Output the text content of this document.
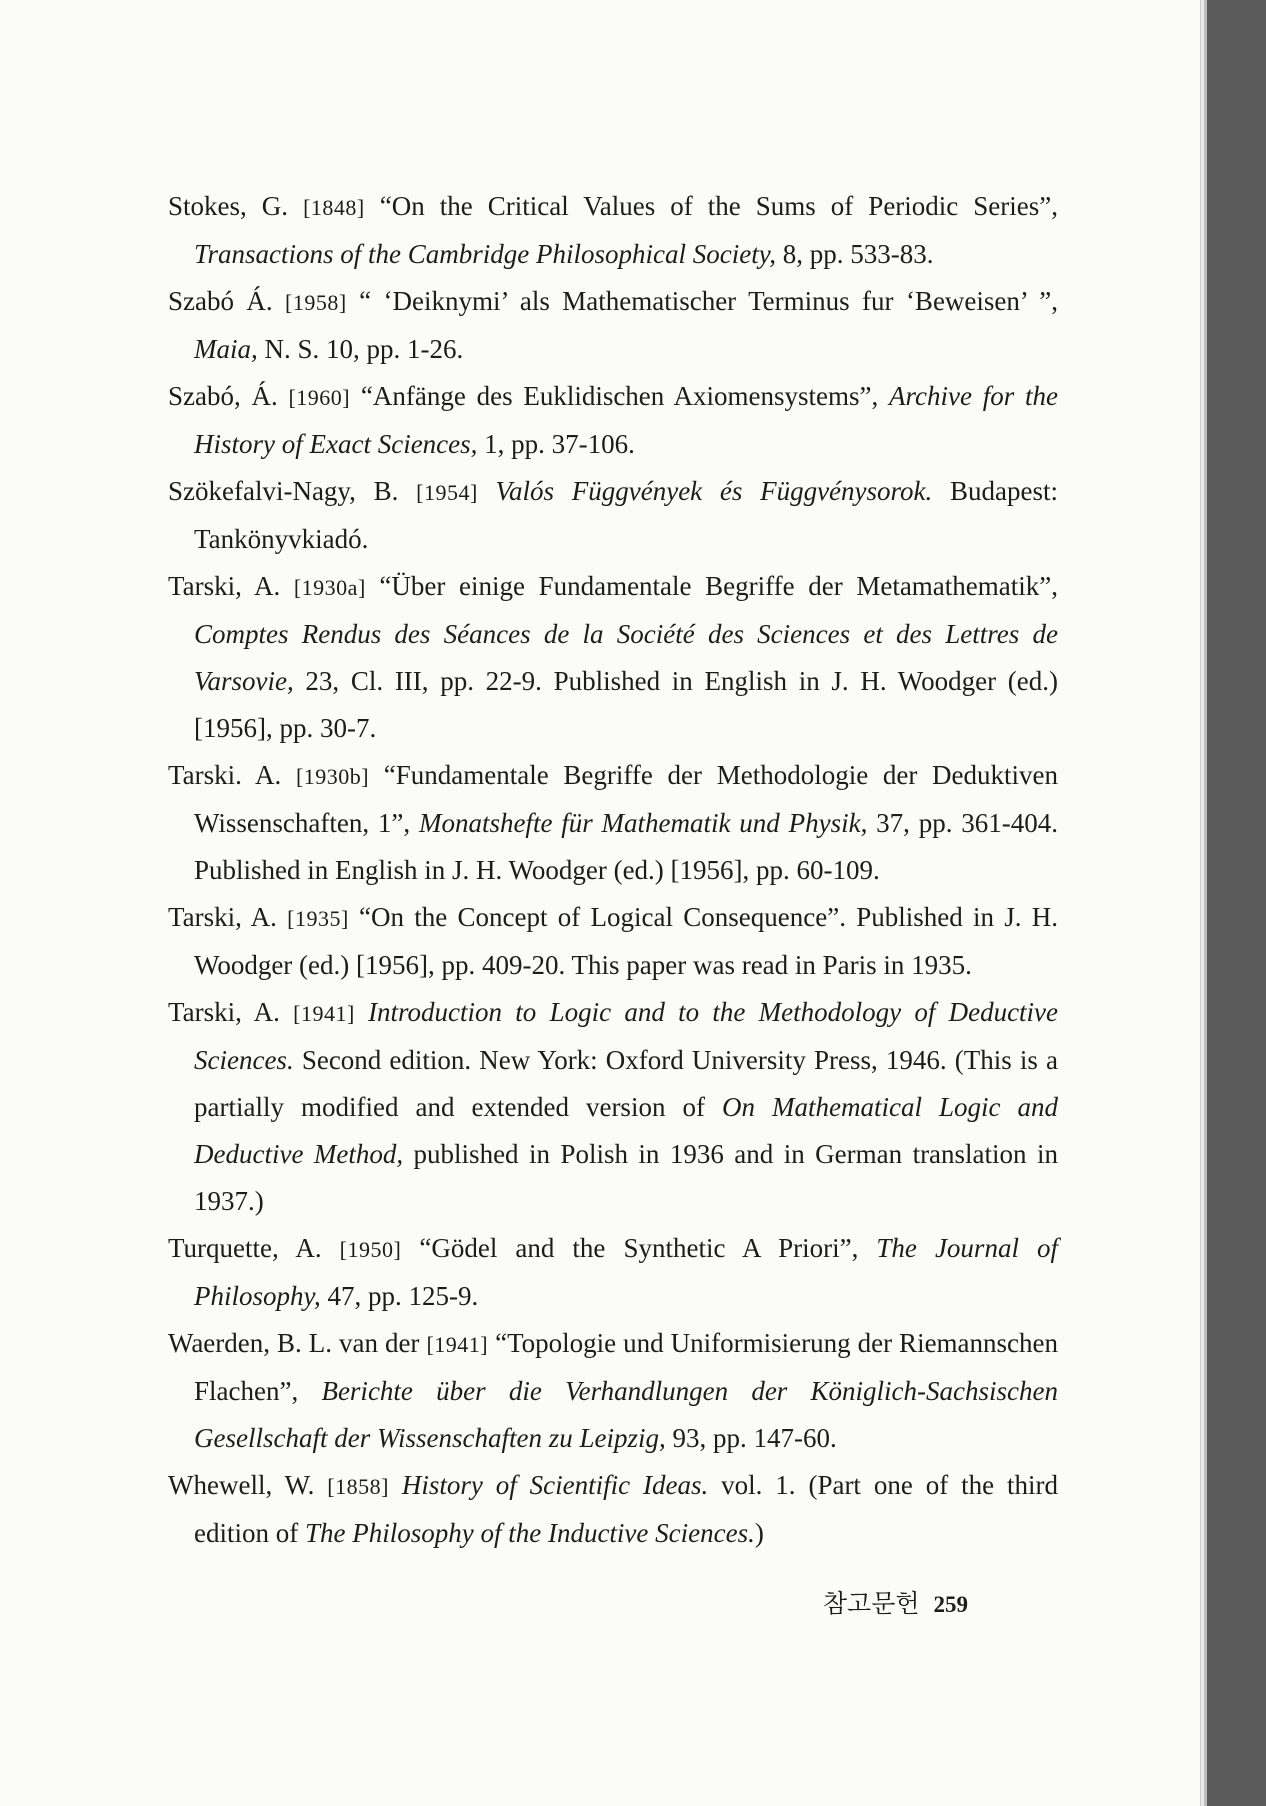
Stokes, G. [1848] “On the Critical Values of the Sums of Periodic Series”, Transactions of the Cambridge Philosophical Society, 8, pp. 533-83.
Szabó Á. [1958] “ ‘Deiknymi’ als Mathematischer Terminus fur ‘Beweisen’ ”, Maia, N. S. 10, pp. 1-26.
Szabó, Á. [1960] “Anfänge des Euklidischen Axiomensystems”, Archive for the History of Exact Sciences, 1, pp. 37-106.
Szökefalvi-Nagy, B. [1954] Valós Függvények és Függvénysorok. Budapest: Tankönyvkiadó.
Tarski, A. [1930a] “Über einige Fundamentale Begriffe der Metamathematik”, Comptes Rendus des Séances de la Société des Sciences et des Lettres de Varsovie, 23, Cl. III, pp. 22-9. Published in English in J. H. Woodger (ed.) [1956], pp. 30-7.
Tarski. A. [1930b] “Fundamentale Begriffe der Methodologie der Deduktiven Wissenschaften, 1”, Monatshefte für Mathematik und Physik, 37, pp. 361-404. Published in English in J. H. Woodger (ed.) [1956], pp. 60-109.
Tarski, A. [1935] “On the Concept of Logical Consequence”. Published in J. H. Woodger (ed.) [1956], pp. 409-20. This paper was read in Paris in 1935.
Tarski, A. [1941] Introduction to Logic and to the Methodology of Deductive Sciences. Second edition. New York: Oxford University Press, 1946. (This is a partially modified and extended version of On Mathematical Logic and Deductive Method, published in Polish in 1936 and in German translation in 1937.)
Turquette, A. [1950] “Gödel and the Synthetic A Priori”, The Journal of Philosophy, 47, pp. 125-9.
Waerden, B. L. van der [1941] “Topologie und Uniformisierung der Riemannschen Flachen”, Berichte über die Verhandlungen der Königlich-Sachsischen Gesellschaft der Wissenschaften zu Leipzig, 93, pp. 147-60.
Whewell, W. [1858] History of Scientific Ideas. vol. 1. (Part one of the third edition of The Philosophy of the Inductive Sciences.)
참고문헌 259
